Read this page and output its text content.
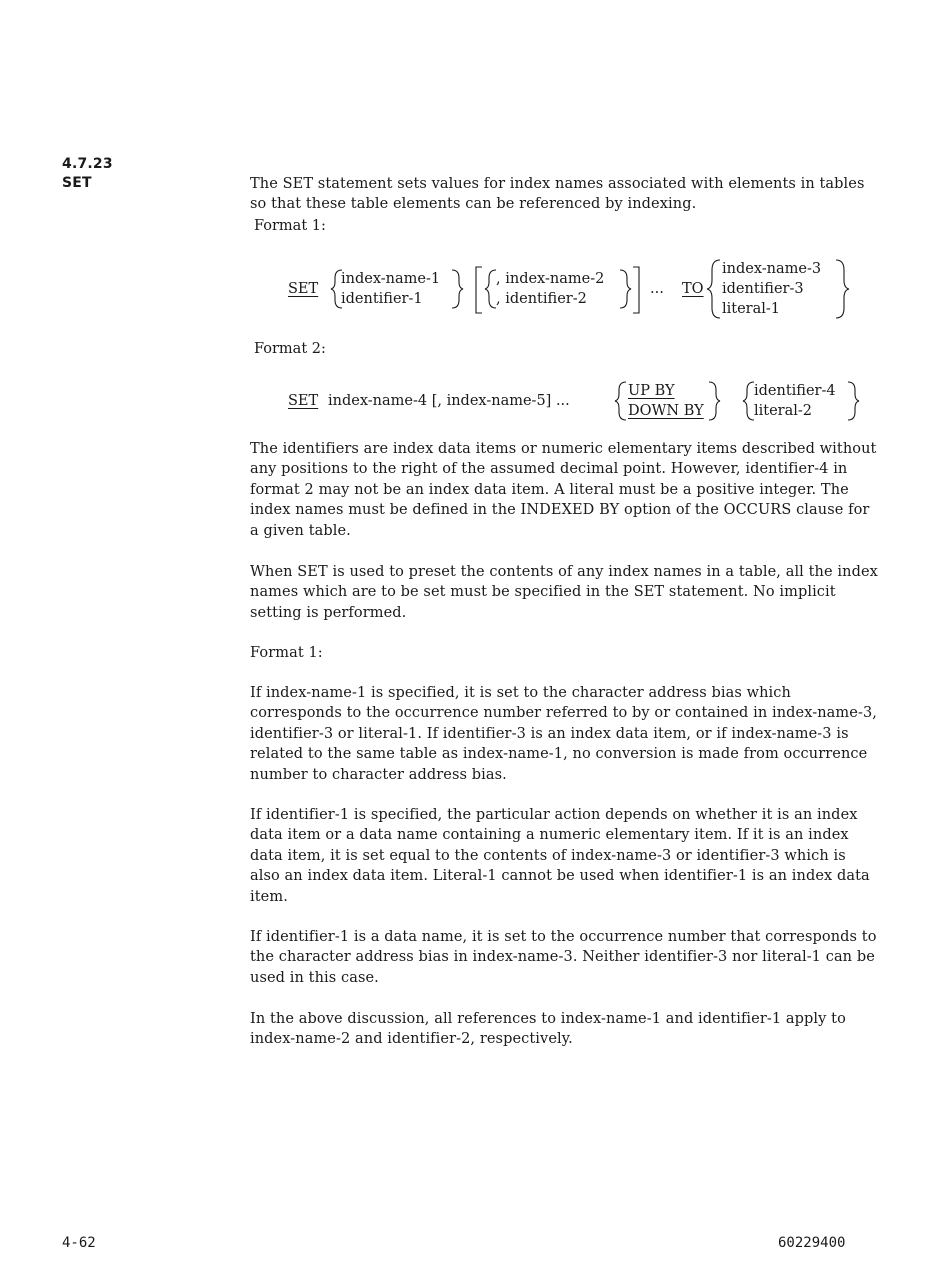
4.7.23
SET	The SET statement sets values for index names associated with elements in tables so that these table elements can be referenced by indexing.

Format 1:

SET
index-name-1
identifier-1
, index-name-2
, identifier-2
... TO
index-name-3
identifier-3
literal-1

Format 2:

SET index-name-4 [, index-name-5] ...
UP BY
DOWN BY
identifier-4
literal-2

The identifiers are index data items or numeric elementary items described without any positions to the right of the assumed decimal point. However, identifier-4 in format 2 may not be an index data item. A literal must be a positive integer. The index names must be defined in the INDEXED BY option of the OCCURS clause for a given table.

When SET is used to preset the contents of any index names in a table, all the index names which are to be set must be specified in the SET statement. No implicit setting is performed.

Format 1:

If index-name-1 is specified, it is set to the character address bias which corresponds to the occurrence number referred to by or contained in index-name-3, identifier-3 or literal-1. If identifier-3 is an index data item, or if index-name-3 is related to the same table as index-name-1, no conversion is made from occurrence number to character address bias.

If identifier-1 is specified, the particular action depends on whether it is an index data item or a data name containing a numeric elementary item. If it is an index data item, it is set equal to the contents of index-name-3 or identifier-3 which is also an index data item. Literal-1 cannot be used when identifier-1 is an index data item.

If identifier-1 is a data name, it is set to the occurrence number that corresponds to the character address bias in index-name-3. Neither identifier-3 nor literal-1 can be used in this case.

In the above discussion, all references to index-name-1 and identifier-1 apply to index-name-2 and identifier-2, respectively.

4-62	60229400
